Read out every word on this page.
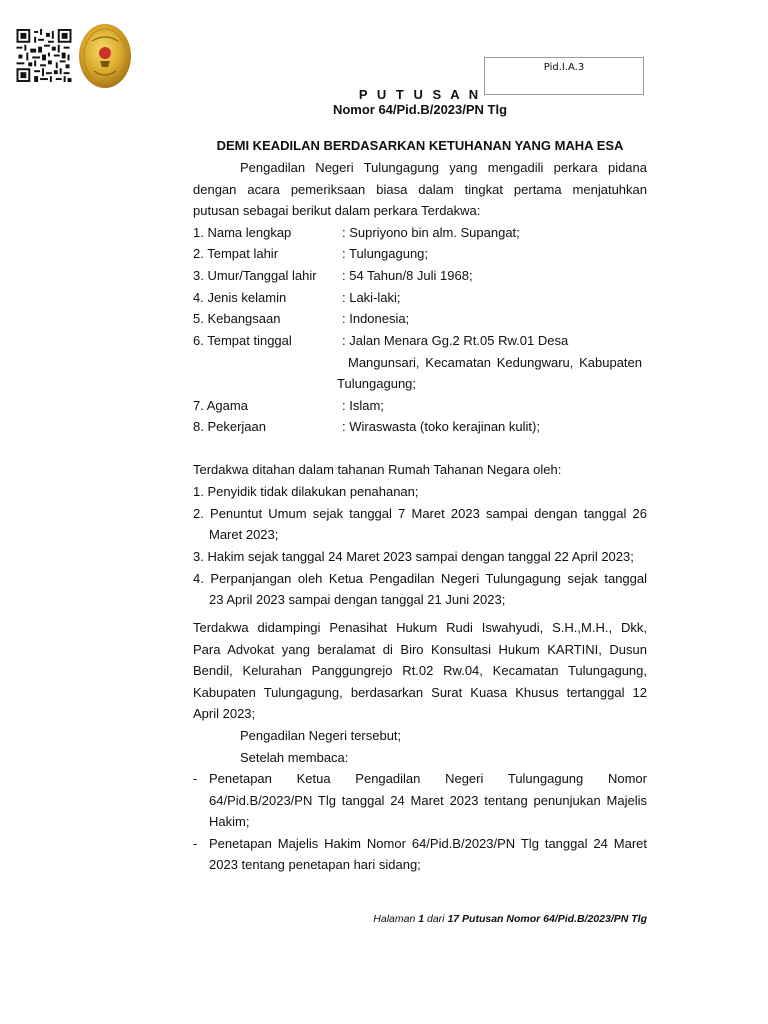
Pid.I.A.3
P U T U S A N
Nomor 64/Pid.B/2023/PN Tlg
DEMI KEADILAN BERDASARKAN KETUHANAN YANG MAHA ESA
Pengadilan Negeri Tulungagung yang mengadili perkara pidana
dengan acara pemeriksaan biasa dalam tingkat pertama menjatuhkan
putusan sebagai berikut dalam perkara Terdakwa:
1. Nama lengkap	: Supriyono bin alm. Supangat;
2. Tempat lahir	: Tulungagung;
3. Umur/Tanggal lahir : 54 Tahun/8 Juli 1968;
4. Jenis kelamin	: Laki-laki;
5. Kebangsaan	: Indonesia;
6. Tempat tinggal	: Jalan Menara Gg.2 Rt.05 Rw.01 Desa
Mangunsari, Kecamatan Kedungwaru, Kabupaten
Tulungagung;
7. Agama	: Islam;
8. Pekerjaan	: Wiraswasta (toko kerajinan kulit);
Terdakwa ditahan dalam tahanan Rumah Tahanan Negara oleh:
1. Penyidik tidak dilakukan penahanan;
2. Penuntut Umum sejak tanggal 7 Maret 2023 sampai dengan tanggal 26
Maret 2023;
3. Hakim sejak tanggal 24 Maret 2023 sampai dengan tanggal 22 April 2023;
4. Perpanjangan oleh Ketua Pengadilan Negeri Tulungagung sejak tanggal
23 April 2023 sampai dengan tanggal 21 Juni 2023;
Terdakwa didampingi Penasihat Hukum Rudi Iswahyudi, S.H.,M.H., Dkk,
Para Advokat yang beralamat di Biro Konsultasi Hukum KARTINI, Dusun
Bendil, Kelurahan Panggungrejo Rt.02 Rw.04, Kecamatan Tulungagung,
Kabupaten Tulungagung, berdasarkan Surat Kuasa Khusus tertanggal 12
April 2023;
Pengadilan Negeri tersebut;
Setelah membaca:
- Penetapan Ketua Pengadilan Negeri Tulungagung Nomor
64/Pid.B/2023/PN Tlg tanggal 24 Maret 2023 tentang penunjukan Majelis
Hakim;
- Penetapan Majelis Hakim Nomor 64/Pid.B/2023/PN Tlg tanggal 24 Maret
2023 tentang penetapan hari sidang;
Halaman 1 dari 17 Putusan Nomor 64/Pid.B/2023/PN Tlg
